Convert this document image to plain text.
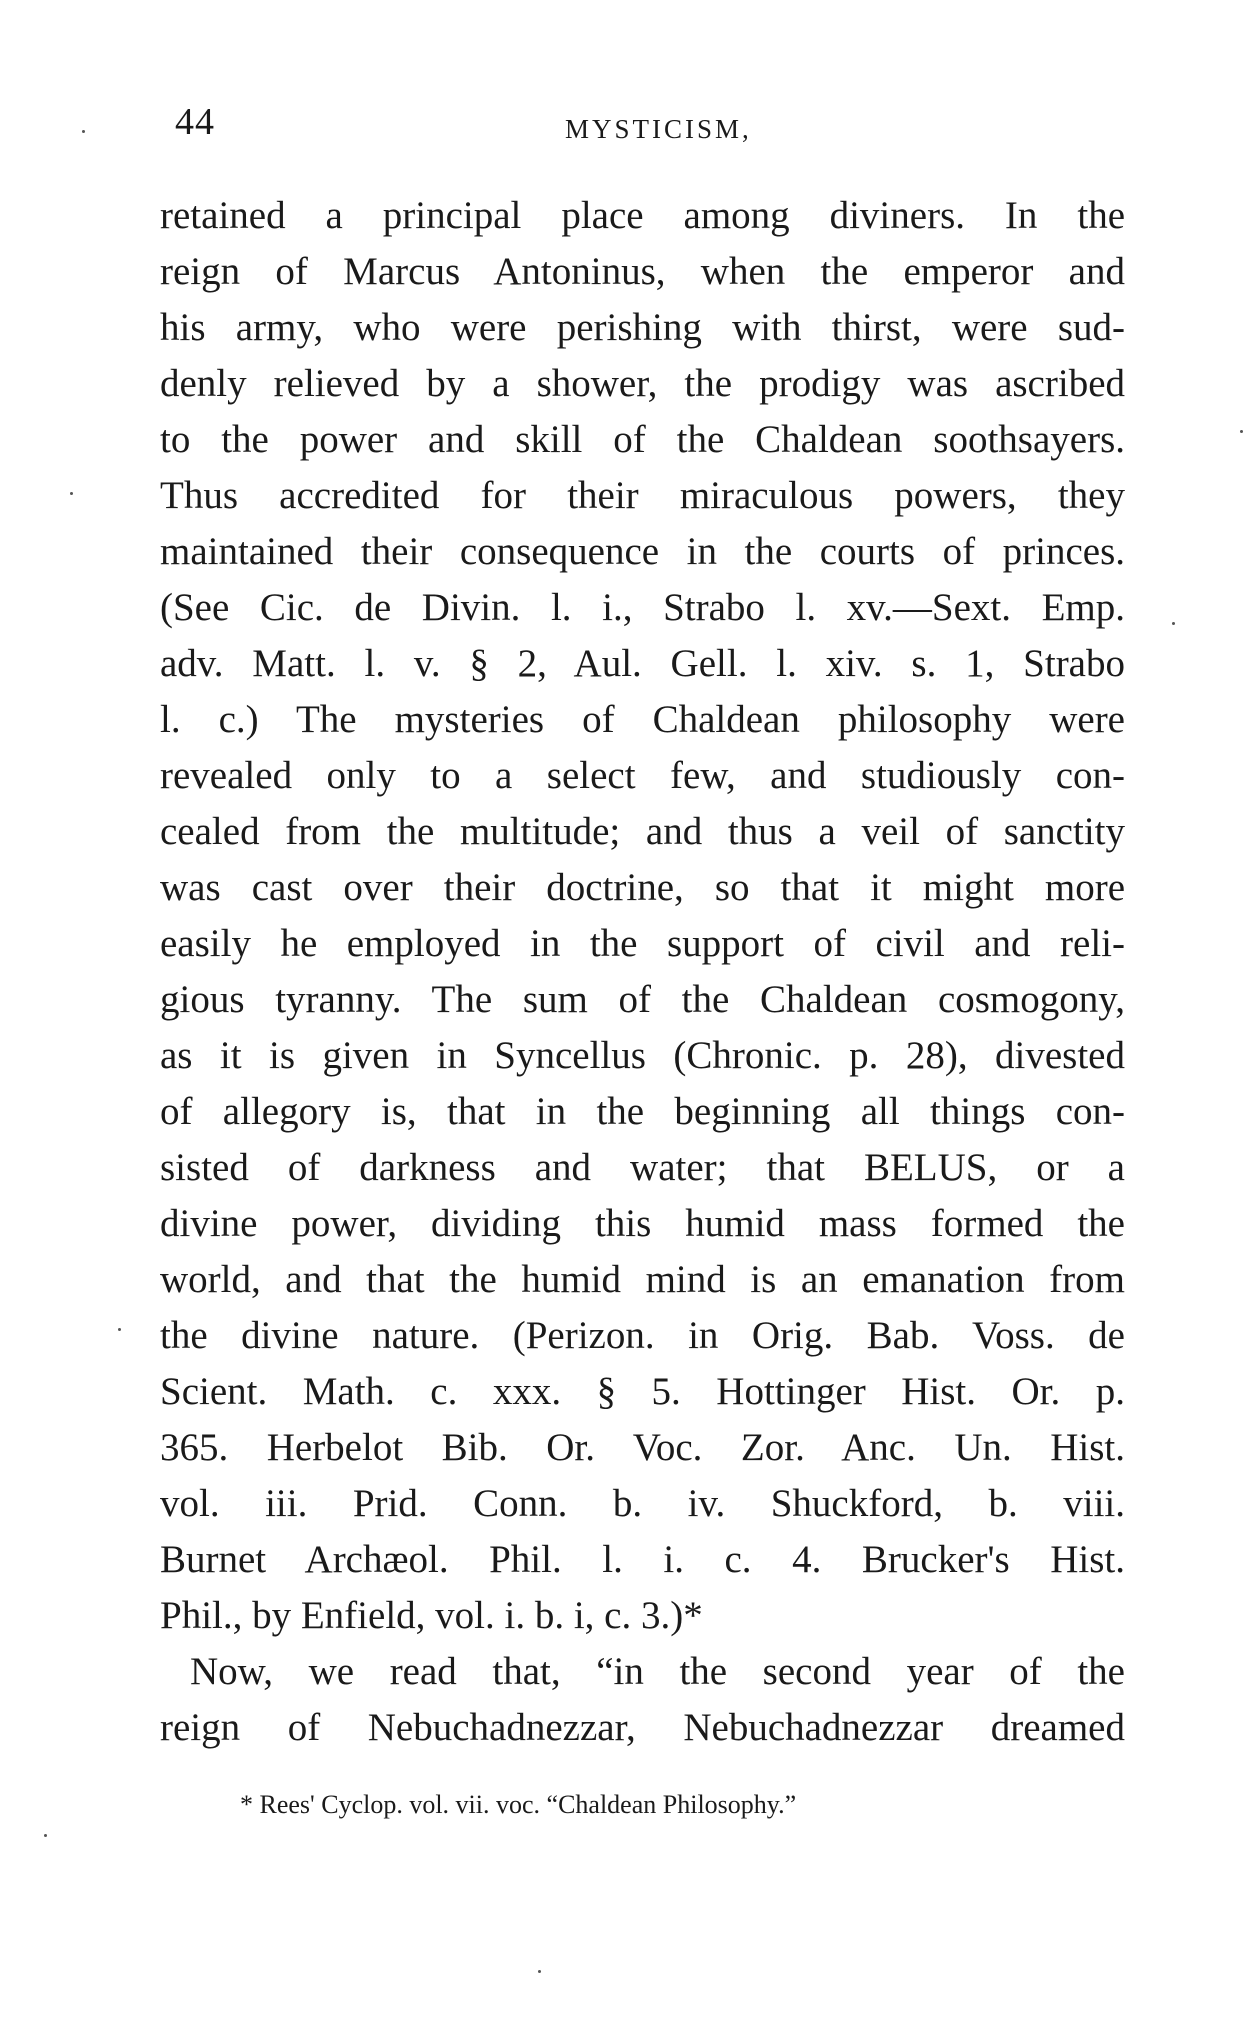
44	MYSTICISM,
retained a principal place among diviners. In the
reign of Marcus Antoninus, when the emperor and
his army, who were perishing with thirst, were sud-
denly relieved by a shower, the prodigy was ascribed
to the power and skill of the Chaldean soothsayers.
Thus accredited for their miraculous powers, they
maintained their consequence in the courts of princes.
(See Cic. de Divin. l. i., Strabo l. xv.—Sext. Emp.
adv. Matt. l. v. § 2, Aul. Gell. l. xiv. s. 1, Strabo
l. c.) The mysteries of Chaldean philosophy were
revealed only to a select few, and studiously con-
cealed from the multitude; and thus a veil of sanctity
was cast over their doctrine, so that it might more
easily he employed in the support of civil and reli-
gious tyranny. The sum of the Chaldean cosmogony,
as it is given in Syncellus (Chronic. p. 28), divested
of allegory is, that in the beginning all things con-
sisted of darkness and water; that BELUS, or a
divine power, dividing this humid mass formed the
world, and that the humid mind is an emanation from
the divine nature. (Perizon. in Orig. Bab. Voss. de
Scient. Math. c. xxx. § 5. Hottinger Hist. Or. p.
365. Herbelot Bib. Or. Voc. Zor. Anc. Un. Hist.
vol. iii. Prid. Conn. b. iv. Shuckford, b. viii.
Burnet Archæol. Phil. l. i. c. 4. Brucker's Hist.
Phil., by Enfield, vol. i. b. i, c. 3.)*
Now, we read that, “in the second year of the
reign of Nebuchadnezzar, Nebuchadnezzar dreamed
* Rees' Cyclop. vol. vii. voc. “Chaldean Philosophy.”
